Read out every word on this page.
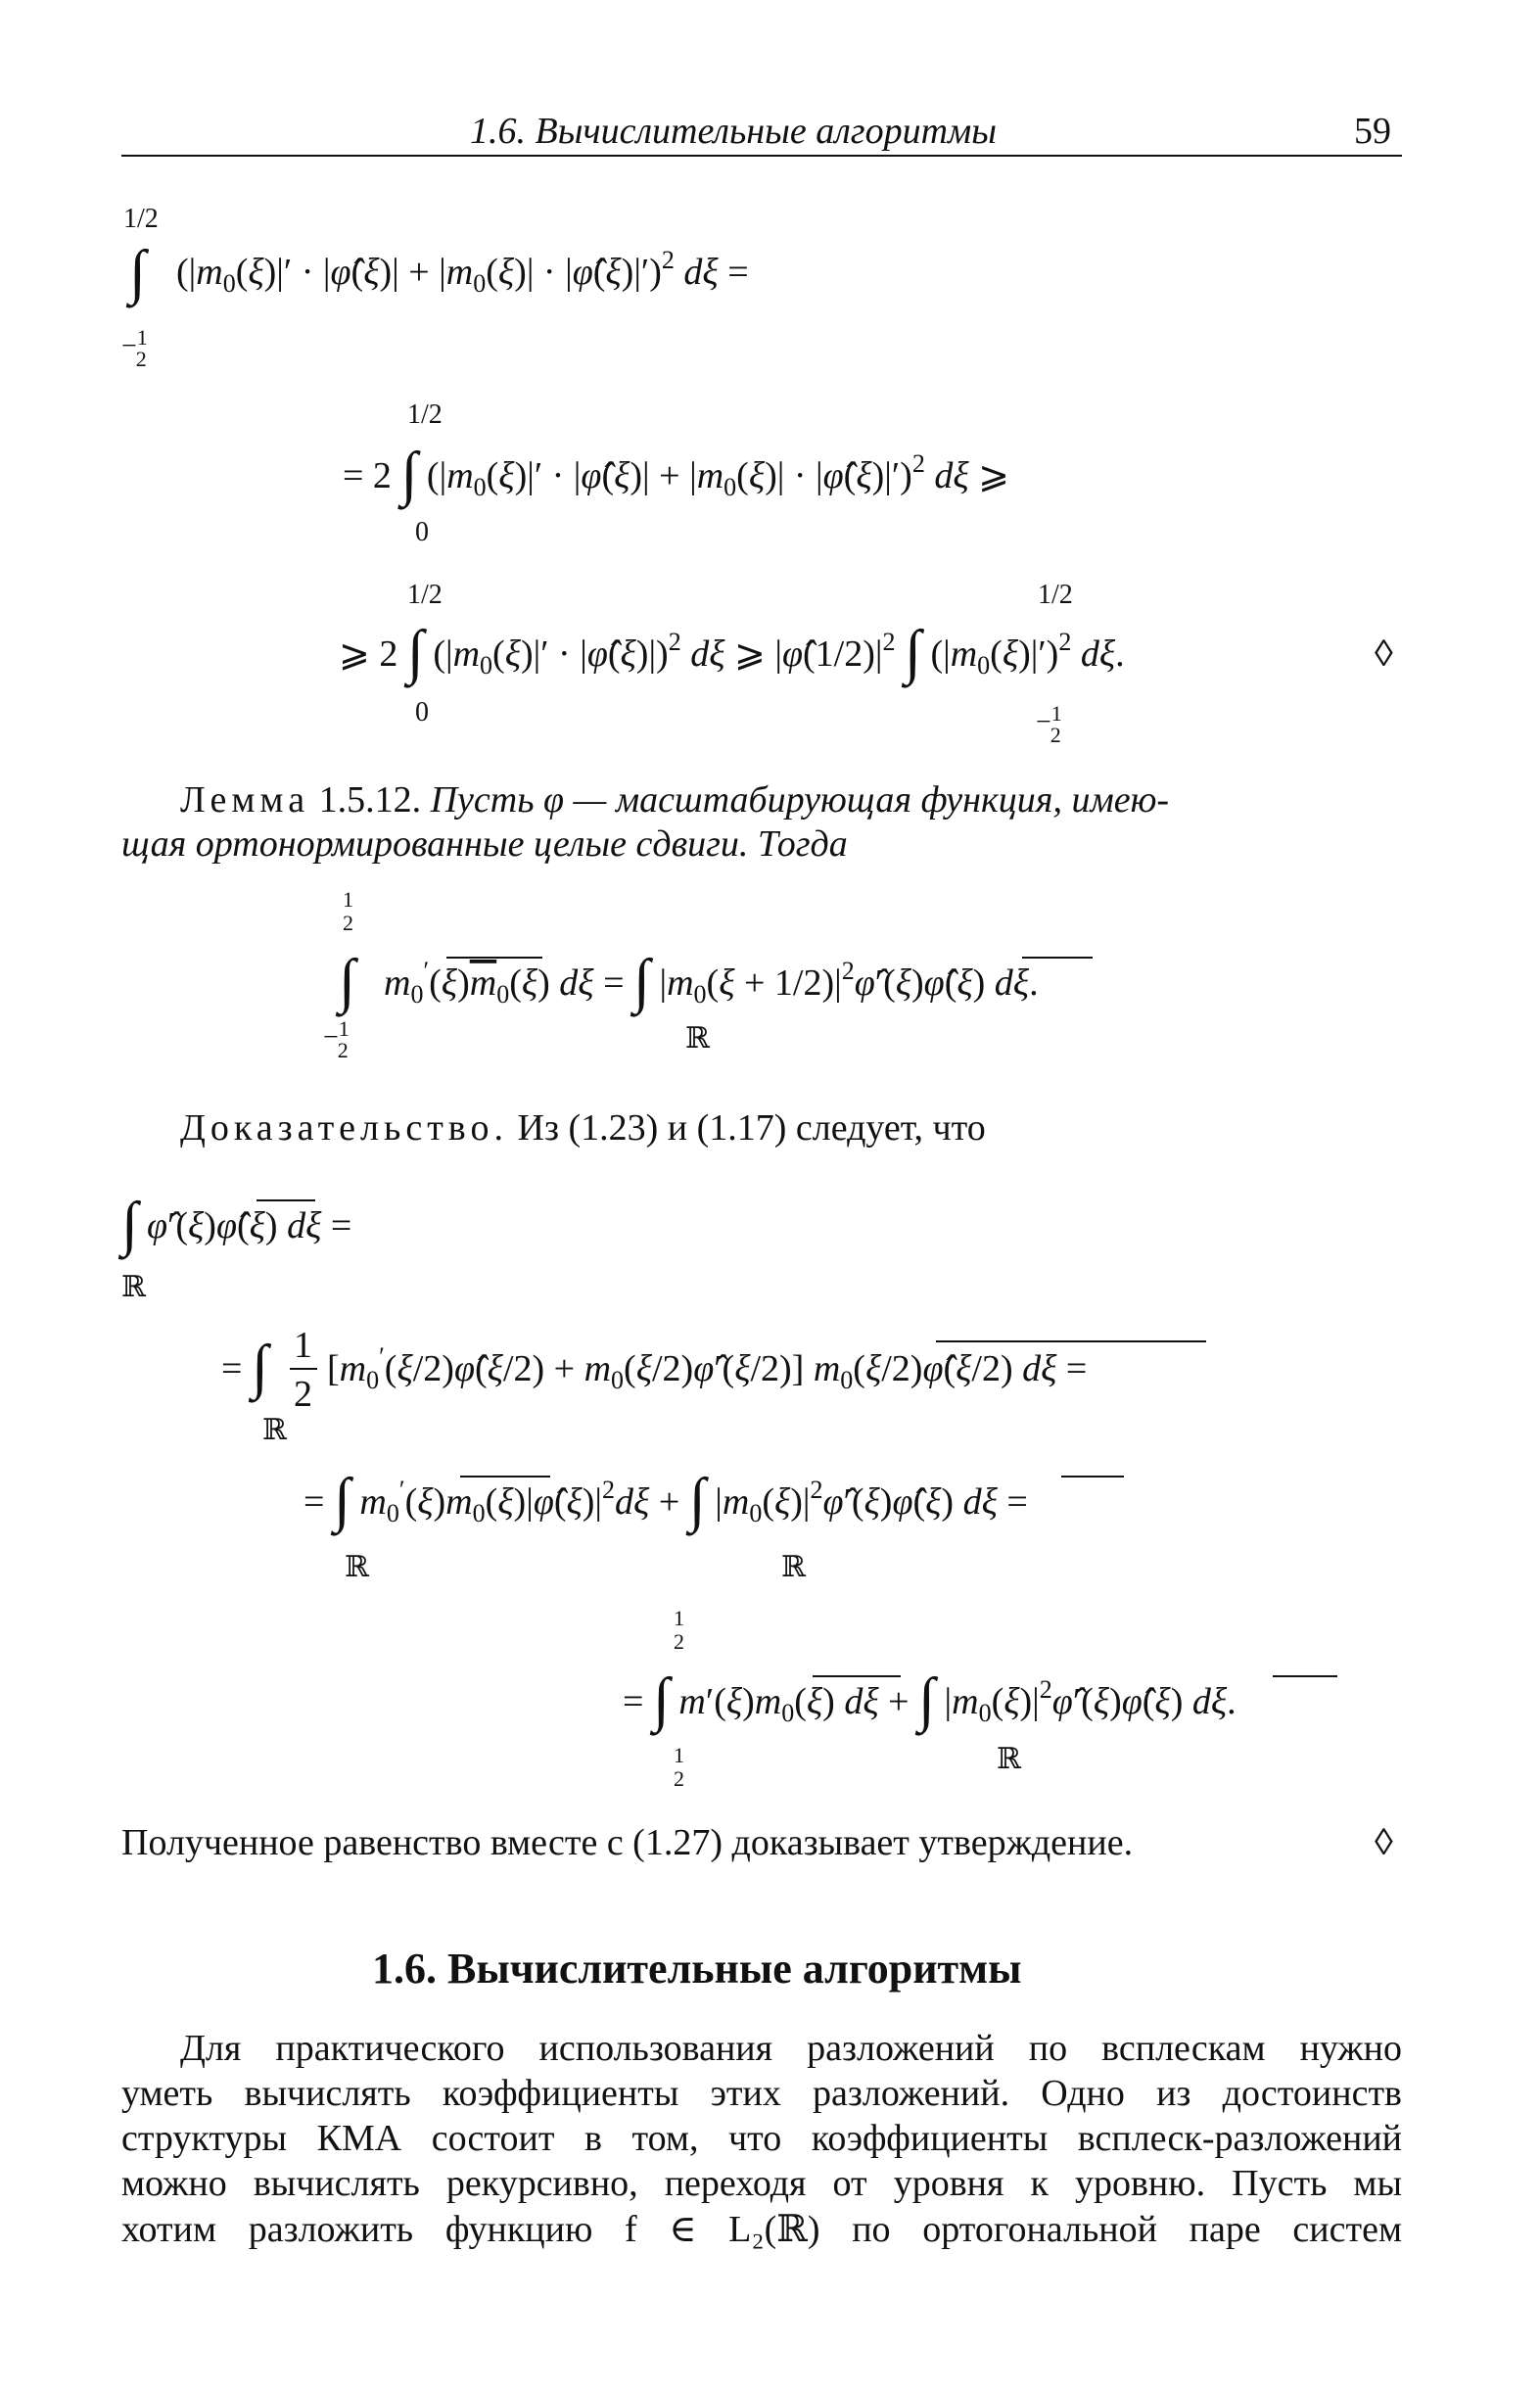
1.6. Вычислительные алгоритмы	59
1/2
∫
−$^1$ 2
($|m_0(\xi)|'$ · |φ̂(ξ)| + $|m_0(\xi)|$ · |φ̂(ξ)|′)$^2$ dξ =
1/2
0
= 2 ∫ ($|m_0(\xi)|'$ · |φ̂(ξ)| + $|m_0(\xi)|$ · |φ̂(ξ)|′)$^2$ dξ ⩾
1/2
0
1/2
−$^1$ 2
⩾ 2 ∫ ($|m_0(\xi)|'$ · |φ̂(ξ)|)$^2$ dξ ⩾ $|\varphî(1/2)|^2$ ∫ $(|m_0(\xi)|')^2$ dξ.	◊
1
2
−$^1$ 2
∫ $m_0'(\xi)m_0(\xi) d\xi$ = ∫ $|m_0(\xi$ + $1/2)|^2\varphî'(\xi)\varphî(\xi)$ dξ.
ℝ
∫ φ̂′(ξ)φ̂(ξ) dξ =
ℝ
= ∫ 1
2
[$m_0'(\xi/2)\varphî(\xi/2)$ + $m_0(\xi/2)\varphî'(\xi/2)$] $m_0(\xi/2)\varphî(\xi/2) d\xi$ =
ℝ
= ∫ $m_0'(\xi)m_0(\xi)|\varphî(\xi)|^2d\xi$ + ∫ $|m_0(\xi)|^2\varphî'(\xi)\varphî(\xi) d\xi$ =
ℝ	ℝ
1
2
1
2
= ∫ $m'(\xi)m_0(\xi) d\xi$ + ∫ $|m_0(\xi)|^2\varphî'(\xi)\varphî(\xi)$ dξ.
ℝ
Лемма 1.5.12. Пусть φ — масштабирующая функция, имею-
щая ортонормированные целые сдвиги. Тогда
Доказательство. Из (1.23) и (1.17) следует, что
Полученное равенство вместе с (1.27) доказывает утверждение.	◊
1.6. Вычислительные алгоритмы
Для практического использования разложений по всплескам нужно
уметь вычислять коэффициенты этих разложений. Одно из достоинств
структуры КМА состоит в том, что коэффициенты всплеск-разложений
можно вычислять рекурсивно, переходя от уровня к уровню. Пусть мы
хотим разложить функцию f ∈ L₂(ℝ) по ортогональной паре систем
